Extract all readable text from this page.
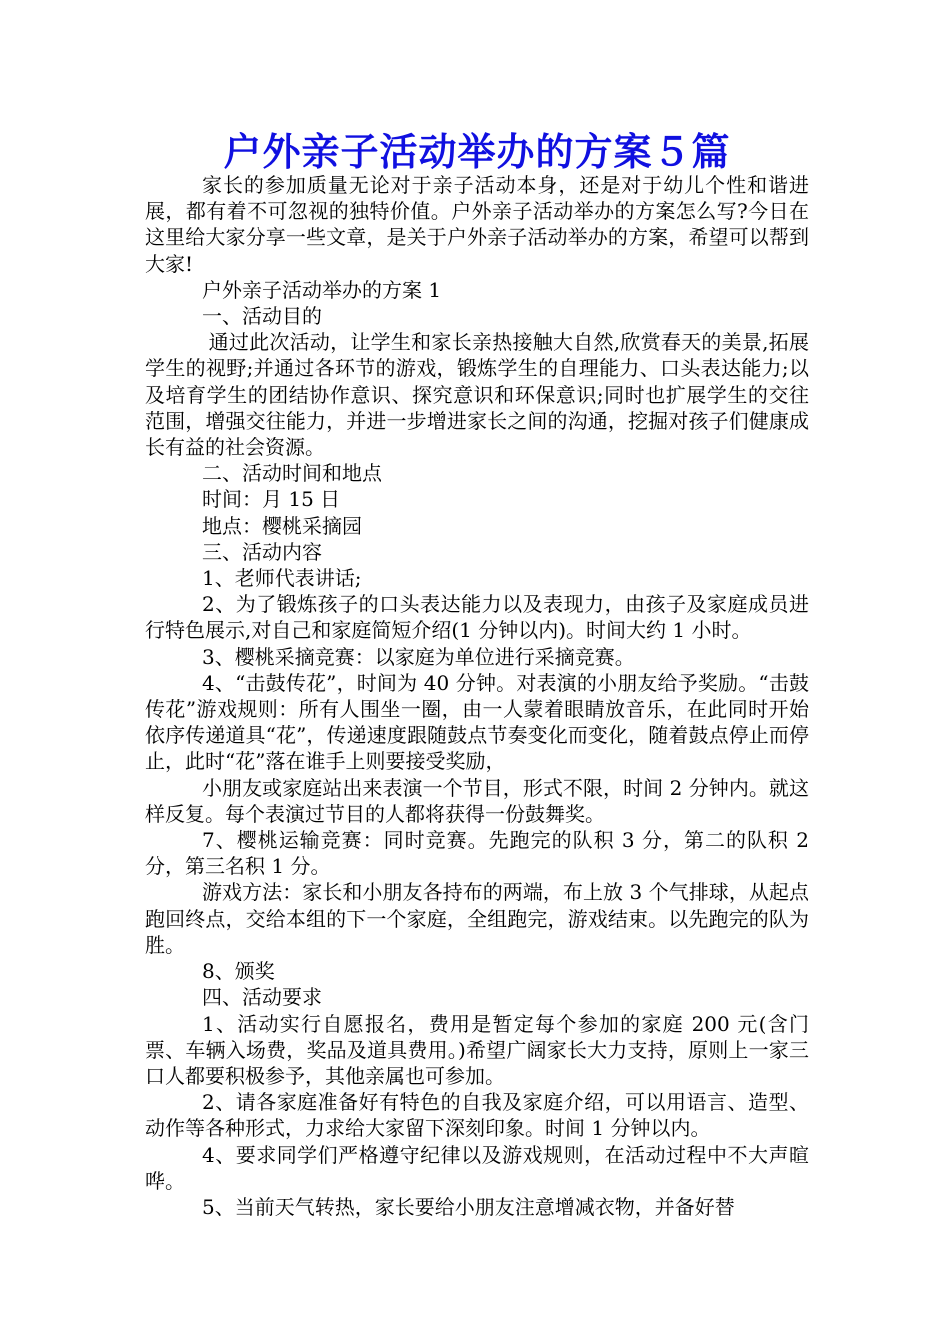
户外亲子活动举办的方案５篇

家长的参加质量无论对于亲子活动本身，还是对于幼儿个性和谐进展，都有着不可忽视的独特价值。户外亲子活动举办的方案怎么写?今日在这里给大家分享一些文章，是关于户外亲子活动举办的方案，希望可以帮到大家!

户外亲子活动举办的方案 1

一、活动目的

通过此次活动，让学生和家长亲热接触大自然,欣赏春天的美景,拓展学生的视野;并通过各环节的游戏，锻炼学生的自理能力、口头表达能力;以及培育学生的团结协作意识、探究意识和环保意识;同时也扩展学生的交往范围，增强交往能力，并进一步增进家长之间的沟通，挖掘对孩子们健康成长有益的社会资源。

二、活动时间和地点

时间：月 15 日

地点：樱桃采摘园

三、活动内容

1、老师代表讲话;

2、为了锻炼孩子的口头表达能力以及表现力，由孩子及家庭成员进行特色展示,对自己和家庭简短介绍(1 分钟以内)。时间大约 1 小时。

3、樱桃采摘竞赛：以家庭为单位进行采摘竞赛。

4、“击鼓传花”，时间为 40 分钟。对表演的小朋友给予奖励。“击鼓传花”游戏规则：所有人围坐一圈，由一人蒙着眼睛放音乐，在此同时开始依序传递道具“花”，传递速度跟随鼓点节奏变化而变化，随着鼓点停止而停止，此时“花”落在谁手上则要接受奖励，

小朋友或家庭站出来表演一个节目，形式不限，时间 2 分钟内。就这样反复。每个表演过节目的人都将获得一份鼓舞奖。

7、樱桃运输竞赛：同时竞赛。先跑完的队积 3 分，第二的队积 2 分，第三名积 1 分。

游戏方法：家长和小朋友各持布的两端，布上放 3 个气排球，从起点跑回终点，交给本组的下一个家庭，全组跑完，游戏结束。以先跑完的队为胜。

8、颁奖

四、活动要求

1、活动实行自愿报名，费用是暂定每个参加的家庭 200 元(含门票、车辆入场费，奖品及道具费用。)希望广阔家长大力支持，原则上一家三口人都要积极参予，其他亲属也可参加。

2、请各家庭准备好有特色的自我及家庭介绍，可以用语言、造型、动作等各种形式，力求给大家留下深刻印象。时间 1 分钟以内。

4、要求同学们严格遵守纪律以及游戏规则，在活动过程中不大声暄哗。

5、当前天气转热，家长要给小朋友注意增减衣物，并备好替
